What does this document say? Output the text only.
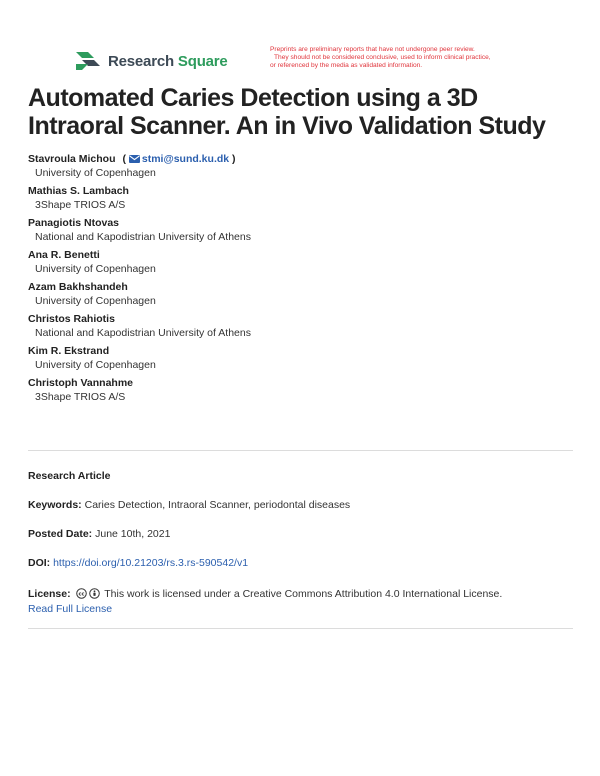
Research Square
Preprints are preliminary reports that have not undergone peer review.
They should not be considered conclusive, used to inform clinical practice,
or referenced by the media as validated information.
Automated Caries Detection using a 3D Intraoral Scanner. An in Vivo Validation Study
Stavroula Michou ( stmi@sund.ku.dk )
University of Copenhagen
Mathias S. Lambach
3Shape TRIOS A/S
Panagiotis Ntovas
National and Kapodistrian University of Athens
Ana R. Benetti
University of Copenhagen
Azam Bakhshandeh
University of Copenhagen
Christos Rahiotis
National and Kapodistrian University of Athens
Kim R. Ekstrand
University of Copenhagen
Christoph Vannahme
3Shape TRIOS A/S
Research Article
Keywords: Caries Detection, Intraoral Scanner, periodontal diseases
Posted Date: June 10th, 2021
DOI: https://doi.org/10.21203/rs.3.rs-590542/v1
License: cc This work is licensed under a Creative Commons Attribution 4.0 International License.
Read Full License
